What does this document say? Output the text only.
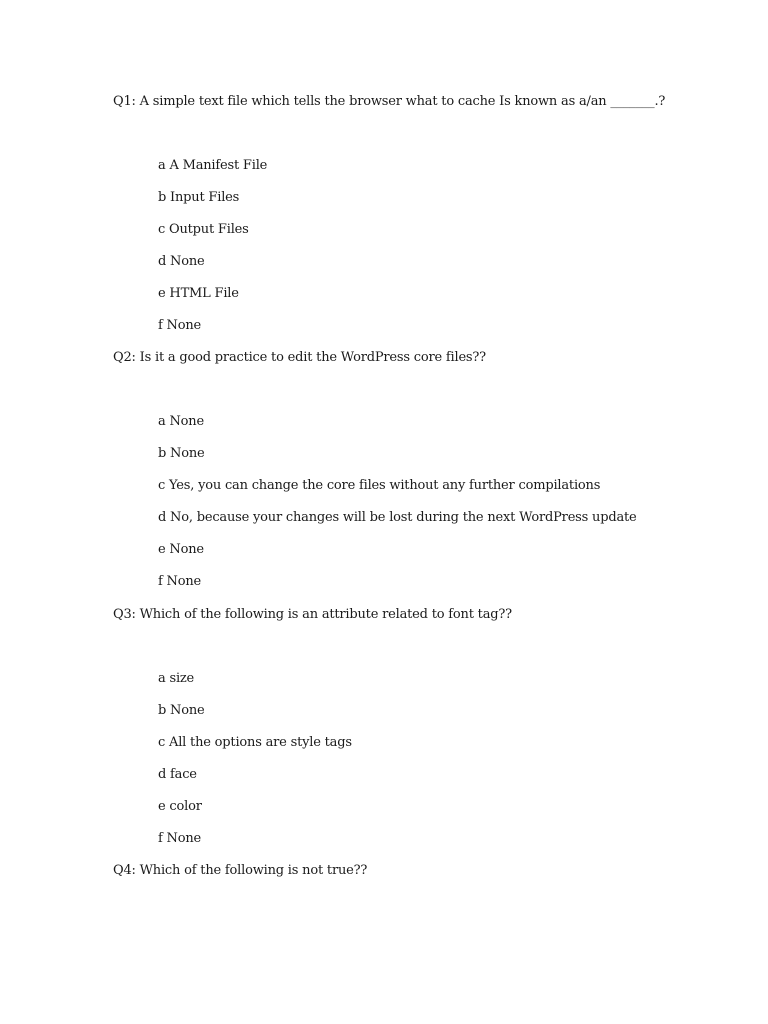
Q1: A simple text file which tells the browser what to cache Is known as a/an _______.?
a A Manifest File
b Input Files
c Output Files
d None
e HTML File
f None
Q2: Is it a good practice to edit the WordPress core files??
a None
b None
c Yes, you can change the core files without any further compilations
d No, because your changes will be lost during the next WordPress update
e None
f None
Q3: Which of the following is an attribute related to font tag??
a size
b None
c All the options are style tags
d face
e color
f None
Q4: Which of the following is not true??
